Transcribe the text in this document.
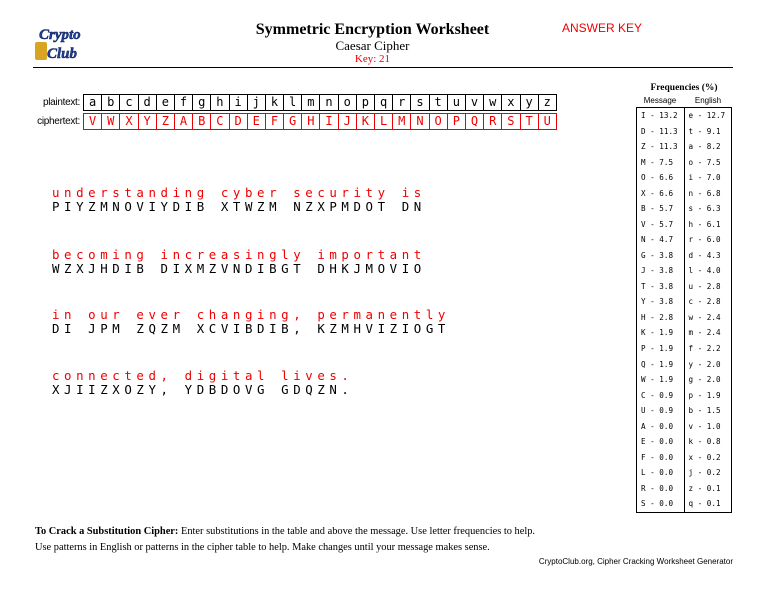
Crypto
Club
Symmetric Encryption Worksheet
Caesar Cipher
Key: 21
ANSWER KEY
plaintext:
ciphertext:
a b c d e f g h i j k l m n o p q r s t u v w x y z
V W X Y Z A B C D E F G H I J K L M N O P Q R S T U
understanding cyber security is
PIYZMNOVIYDIB XTWZM NZXPMDOT DN
becoming increasingly important
WZXJHDIB DIXMZVNDIBGT DHKJMOVIO
in our ever changing, permanently
DI JPM ZQZM XCVIBDIB, KZMHVIZIOGT
connected, digital lives.
XJIIZXOZY, YDBDOVG GDQZN.
Frequencies (%)
Message	English
I - 13.2
D - 11.3
Z - 11.3
M - 7.5
O - 6.6
X - 6.6
B - 5.7
V - 5.7
N - 4.7
G - 3.8
J - 3.8
T - 3.8
Y - 3.8
H - 2.8
K - 1.9
P - 1.9
Q - 1.9
W - 1.9
C - 0.9
U - 0.9
A - 0.0
E - 0.0
F - 0.0
L - 0.0
R - 0.0
S - 0.0
e - 12.7
t - 9.1
a - 8.2
o - 7.5
i - 7.0
n - 6.8
s - 6.3
h - 6.1
r - 6.0
d - 4.3
l - 4.0
u - 2.8
c - 2.8
w - 2.4
m - 2.4
f - 2.2
y - 2.0
g - 2.0
p - 1.9
b - 1.5
v - 1.0
k - 0.8
x - 0.2
j - 0.2
z - 0.1
q - 0.1
To Crack a Substitution Cipher: Enter substitutions in the table and above the message. Use letter frequencies to help.
Use patterns in English or patterns in the cipher table to help. Make changes until your message makes sense.
CryptoClub.org, Cipher Cracking Worksheet Generator
